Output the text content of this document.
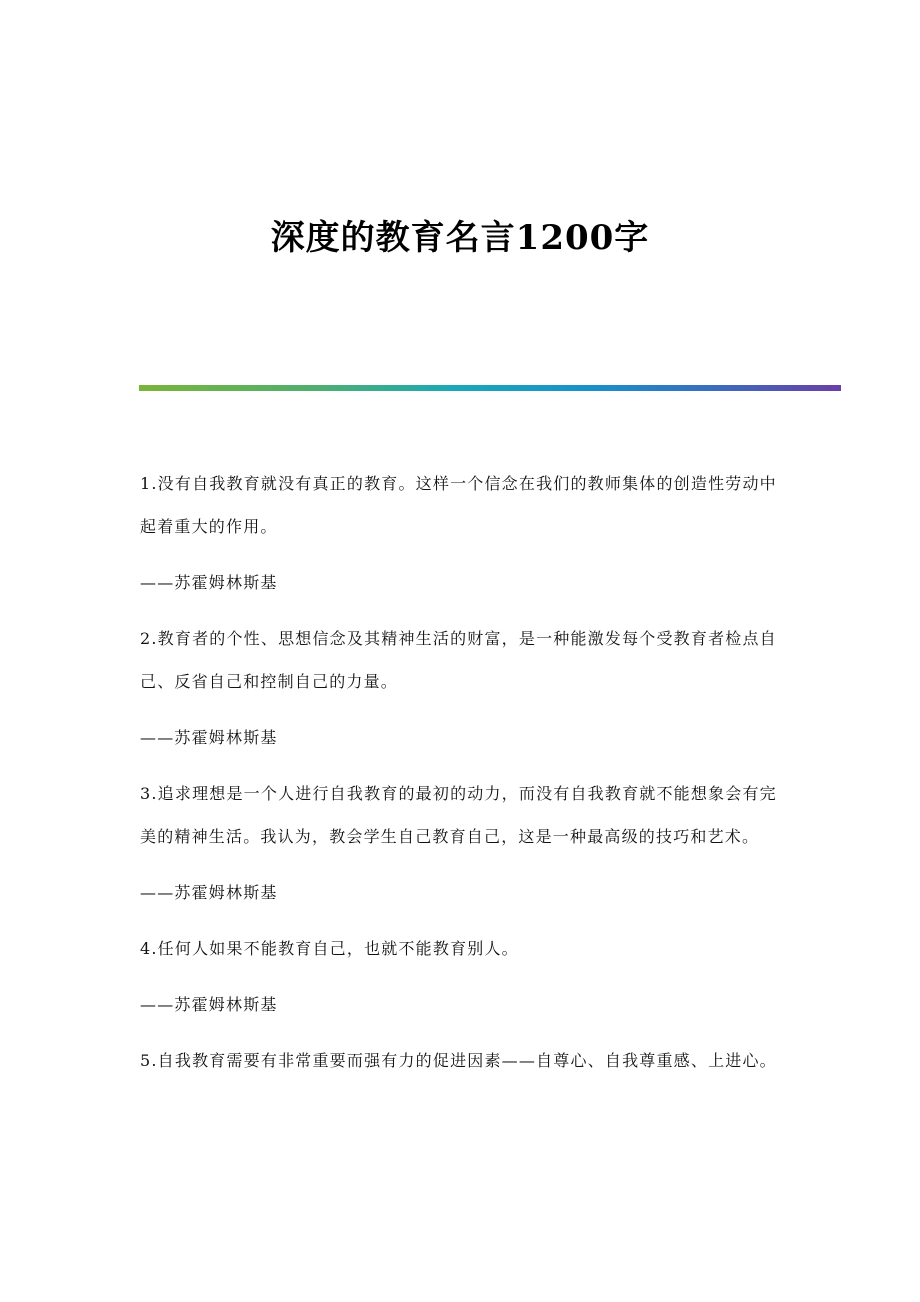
深度的教育名言1200字

1.没有自我教育就没有真正的教育。这样一个信念在我们的教师集体的创造性劳动中起着重大的作用。

——苏霍姆林斯基

2.教育者的个性、思想信念及其精神生活的财富，是一种能激发每个受教育者检点自己、反省自己和控制自己的力量。

——苏霍姆林斯基

3.追求理想是一个人进行自我教育的最初的动力，而没有自我教育就不能想象会有完美的精神生活。我认为，教会学生自己教育自己，这是一种最高级的技巧和艺术。

——苏霍姆林斯基

4.任何人如果不能教育自己，也就不能教育别人。

——苏霍姆林斯基

5.自我教育需要有非常重要而强有力的促进因素——自尊心、自我尊重感、上进心。
